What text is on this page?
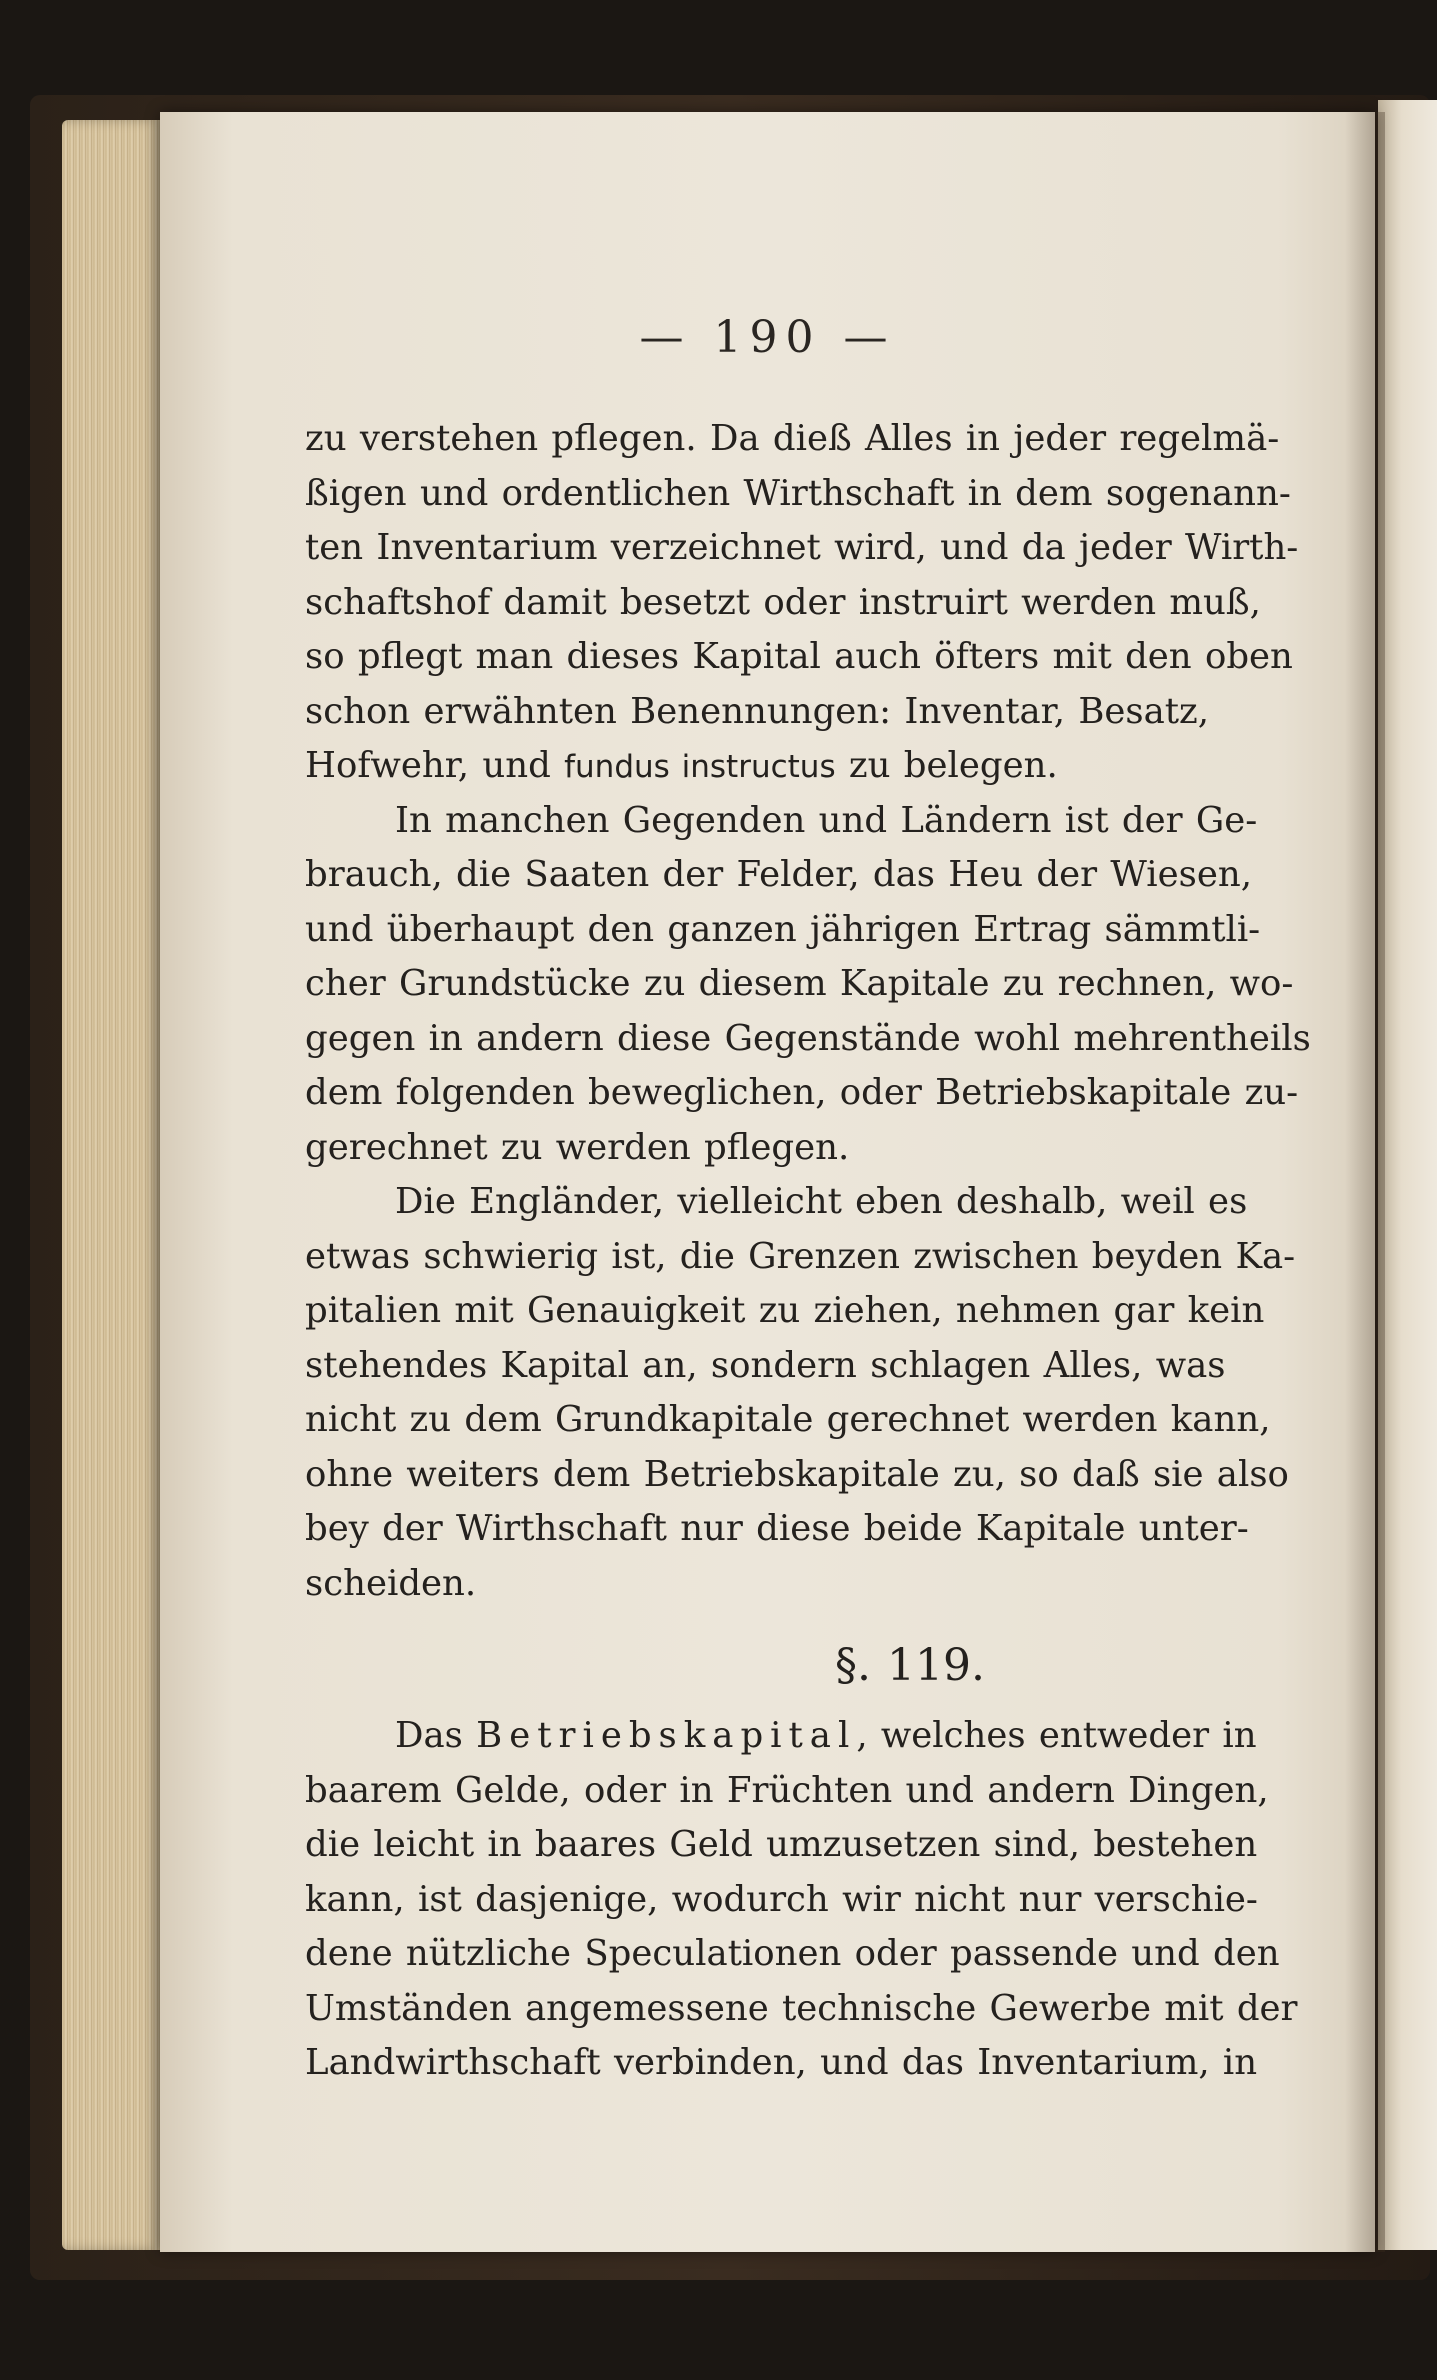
— 190 —
zu verstehen pflegen. Da dieß Alles in jeder regelmä-
ßigen und ordentlichen Wirthschaft in dem sogenann-
ten Inventarium verzeichnet wird, und da jeder Wirth-
schaftshof damit besetzt oder instruirt werden muß,
so pflegt man dieses Kapital auch öfters mit den oben
schon erwähnten Benennungen: Inventar, Besatz,
Hofwehr, und fundus instructus zu belegen.
In manchen Gegenden und Ländern ist der Ge-
brauch, die Saaten der Felder, das Heu der Wiesen,
und überhaupt den ganzen jährigen Ertrag sämmtli-
cher Grundstücke zu diesem Kapitale zu rechnen, wo-
gegen in andern diese Gegenstände wohl mehrentheils
dem folgenden beweglichen, oder Betriebskapitale zu-
gerechnet zu werden pflegen.
Die Engländer, vielleicht eben deshalb, weil es
etwas schwierig ist, die Grenzen zwischen beyden Ka-
pitalien mit Genauigkeit zu ziehen, nehmen gar kein
stehendes Kapital an, sondern schlagen Alles, was
nicht zu dem Grundkapitale gerechnet werden kann,
ohne weiters dem Betriebskapitale zu, so daß sie also
bey der Wirthschaft nur diese beide Kapitale unter-
scheiden.
§. 119.
Das Betriebskapital, welches entweder in
baarem Gelde, oder in Früchten und andern Dingen,
die leicht in baares Geld umzusetzen sind, bestehen
kann, ist dasjenige, wodurch wir nicht nur verschie-
dene nützliche Speculationen oder passende und den
Umständen angemessene technische Gewerbe mit der
Landwirthschaft verbinden, und das Inventarium, in
